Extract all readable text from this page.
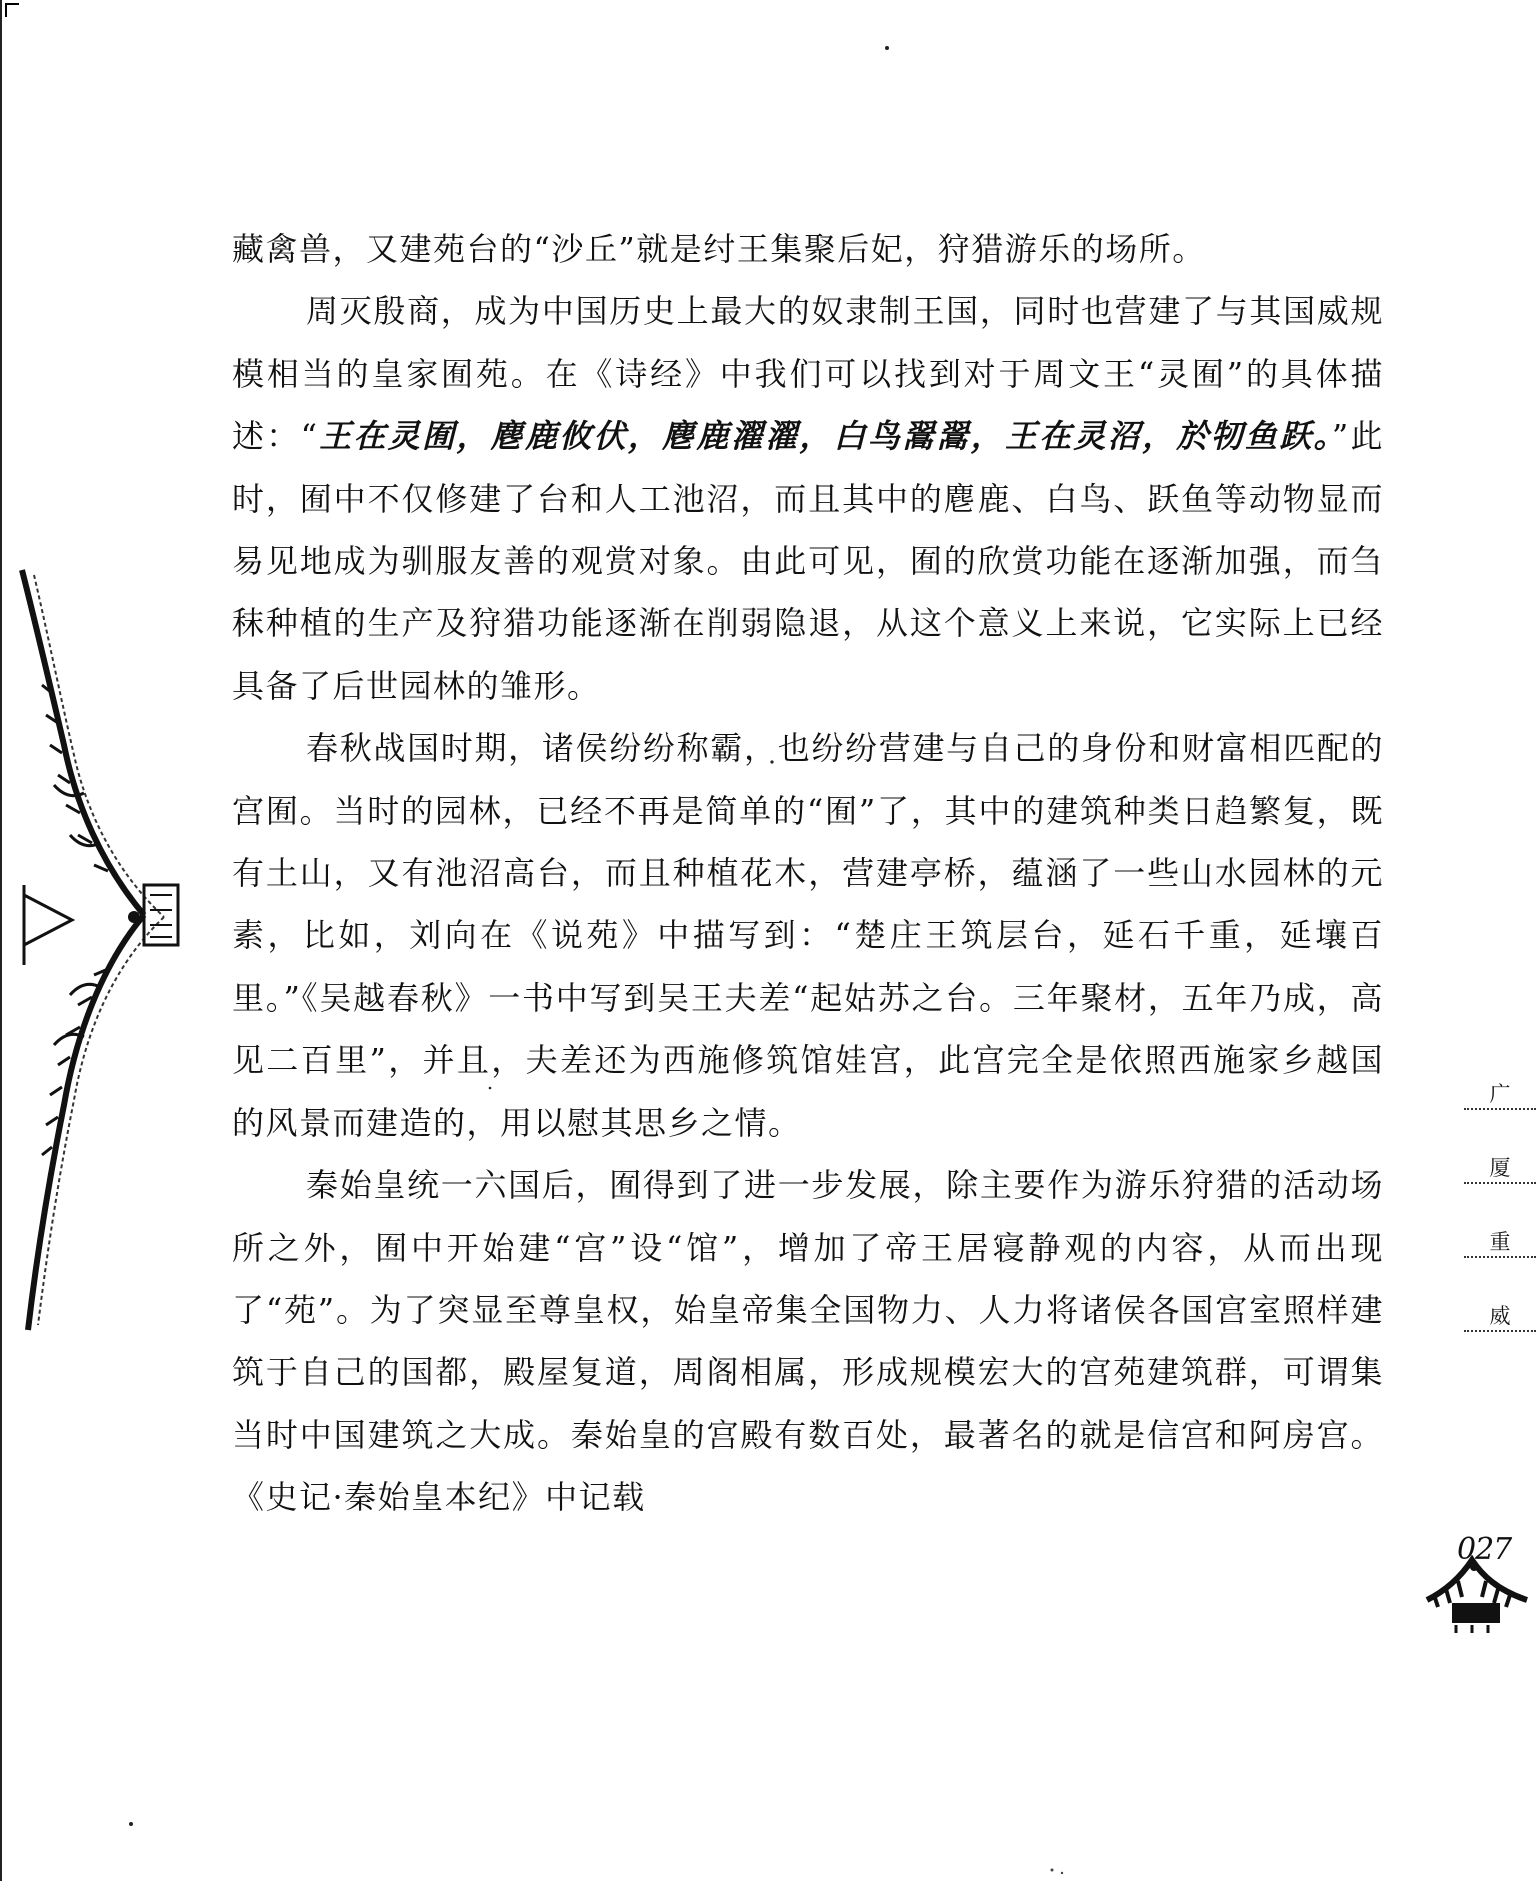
藏禽兽，又建苑台的“沙丘”就是纣王集聚后妃，狩猎游乐的场所。

周灭殷商，成为中国历史上最大的奴隶制王国，同时也营建了与其国威规模相当的皇家囿苑。在《诗经》中我们可以找到对于周文王“灵囿”的具体描述：“王在灵囿，麀鹿攸伏，麀鹿濯濯，白鸟翯翯，王在灵沼，於牣鱼跃。”此时，囿中不仅修建了台和人工池沼，而且其中的麀鹿、白鸟、跃鱼等动物显而易见地成为驯服友善的观赏对象。由此可见，囿的欣赏功能在逐渐加强，而刍秣种植的生产及狩猎功能逐渐在削弱隐退，从这个意义上来说，它实际上已经具备了后世园林的雏形。

春秋战国时期，诸侯纷纷称霸，也纷纷营建与自己的身份和财富相匹配的宫囿。当时的园林，已经不再是简单的“囿”了，其中的建筑种类日趋繁复，既有土山，又有池沼高台，而且种植花木，营建亭桥，蕴涵了一些山水园林的元素，比如，刘向在《说苑》中描写到：“楚庄王筑层台，延石千重，延壤百里。”《吴越春秋》一书中写到吴王夫差“起姑苏之台。三年聚材，五年乃成，高见二百里”，并且，夫差还为西施修筑馆娃宫，此宫完全是依照西施家乡越国的风景而建造的，用以慰其思乡之情。

秦始皇统一六国后，囿得到了进一步发展，除主要作为游乐狩猎的活动场所之外，囿中开始建“宫”设“馆”，增加了帝王居寝静观的内容，从而出现了“苑”。为了突显至尊皇权，始皇帝集全国物力、人力将诸侯各国宫室照样建筑于自己的国都，殿屋复道，周阁相属，形成规模宏大的宫苑建筑群，可谓集当时中国建筑之大成。秦始皇的宫殿有数百处，最著名的就是信宫和阿房宫。《史记·秦始皇本纪》中记载

广
厦
重
威
027
